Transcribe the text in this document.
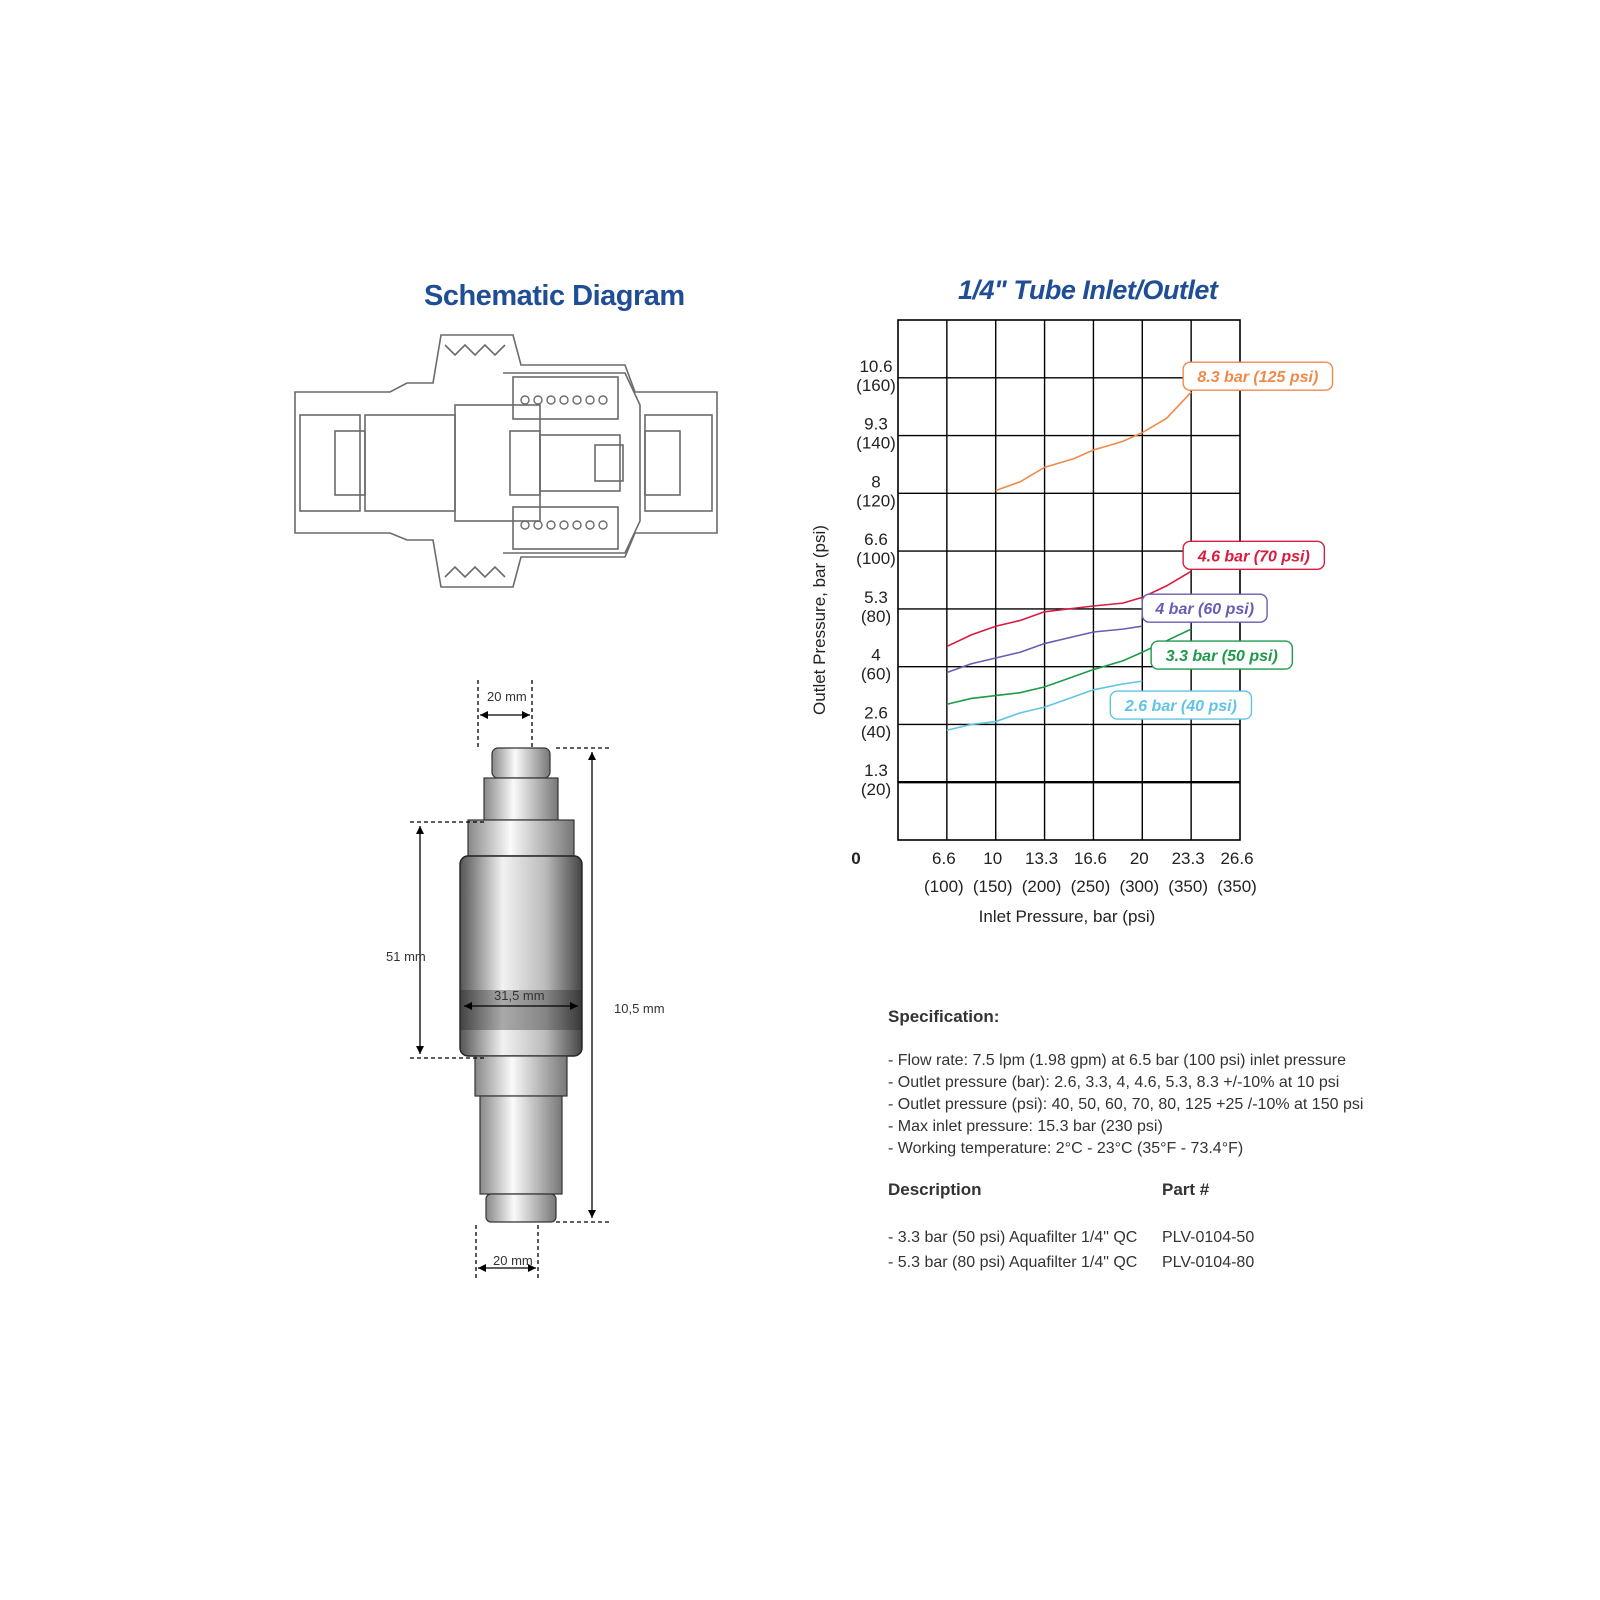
Schematic Diagram
20 mm
51 mm
31,5 mm
10,5 mm
20 mm
1/4" Tube Inlet/Outlet
10.6
(160)
9.3
(140)
8
(120)
6.6
(100)
5.3
(80)
4
(60)
2.6
(40)
1.3
(20)
0	6.6
(100)
10
(150)
13.3
(200)
16.6
(250)
20
(300)
23.3
(350)
26.6
(350)
Inlet Pressure, bar (psi)
Outlet Pressure, bar (psi)
8.3 bar (125 psi)
4.6 bar (70 psi)
4 bar (60 psi)
3.3 bar (50 psi)
2.6 bar (40 psi)
Specification:
- Flow rate: 7.5 lpm (1.98 gpm) at 6.5 bar (100 psi) inlet pressure
- Outlet pressure (bar): 2.6, 3.3, 4, 4.6, 5.3, 8.3 +/-10% at 10 psi
- Outlet pressure (psi): 40, 50, 60, 70, 80, 125 +25 /-10% at 150 psi
- Max inlet pressure: 15.3 bar (230 psi)
- Working temperature: 2°C - 23°C (35°F - 73.4°F)
Description	Part #
- 3.3 bar (50 psi) Aquafilter 1/4" QC PLV-0104-50
- 5.3 bar (80 psi) Aquafilter 1/4" QC PLV-0104-80
